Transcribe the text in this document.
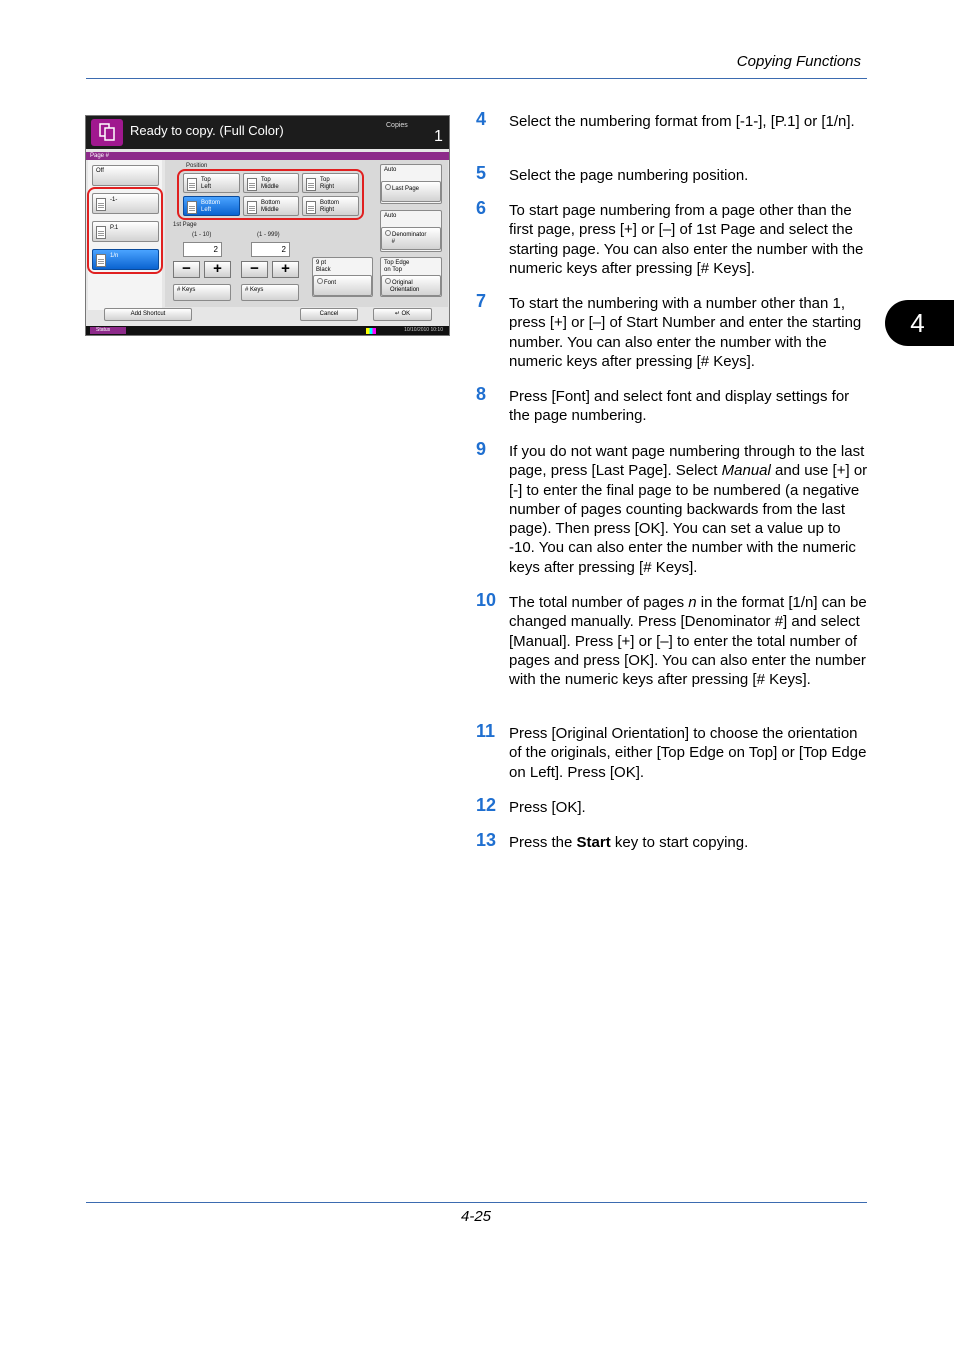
Copying Functions
Ready to copy. (Full Color)	Copies
1
Page #
Off
-1-
P.1
1/n
Position
Top
Left
Top
Middle
Top
Right
Bottom
Left
Bottom
Middle
Bottom
Right
1st Page
(1 - 10)	(1 - 999)
2	2
−	+	−	+
# Keys	# Keys
9 pt
Black
Font
Auto
Last Page
Auto
Denominator
#
Top Edge
on Top
Original
Orientation
Add Shortcut	Cancel	↵ OK
Status	10/10/2010 10:10
4 Select the numbering format from [-1-], [P.1] or [1/n].
5 Select the page numbering position.
6 To start page numbering from a page other than the first page, press [+] or [–] of 1st Page and select the starting page. You can also enter the number with the numeric keys after pressing [# Keys].
7 To start the numbering with a number other than 1, press [+] or [–] of Start Number and enter the starting number. You can also enter the number with the numeric keys after pressing [# Keys].
8 Press [Font] and select font and display settings for the page numbering.
9 If you do not want page numbering through to the last page, press [Last Page]. Select Manual and use [+] or [-] to enter the final page to be numbered (a negative number of pages counting backwards from the last page). Then press [OK]. You can set a value up to -10. You can also enter the number with the numeric keys after pressing [# Keys].
10 The total number of pages n in the format [1/n] can be changed manually. Press [Denominator #] and select [Manual]. Press [+] or [–] to enter the total number of pages and press [OK]. You can also enter the number with the numeric keys after pressing [# Keys].
11 Press [Original Orientation] to choose the orientation of the originals, either [Top Edge on Top] or [Top Edge on Left]. Press [OK].
12 Press [OK].
13 Press the Start key to start copying.
4
4-25
